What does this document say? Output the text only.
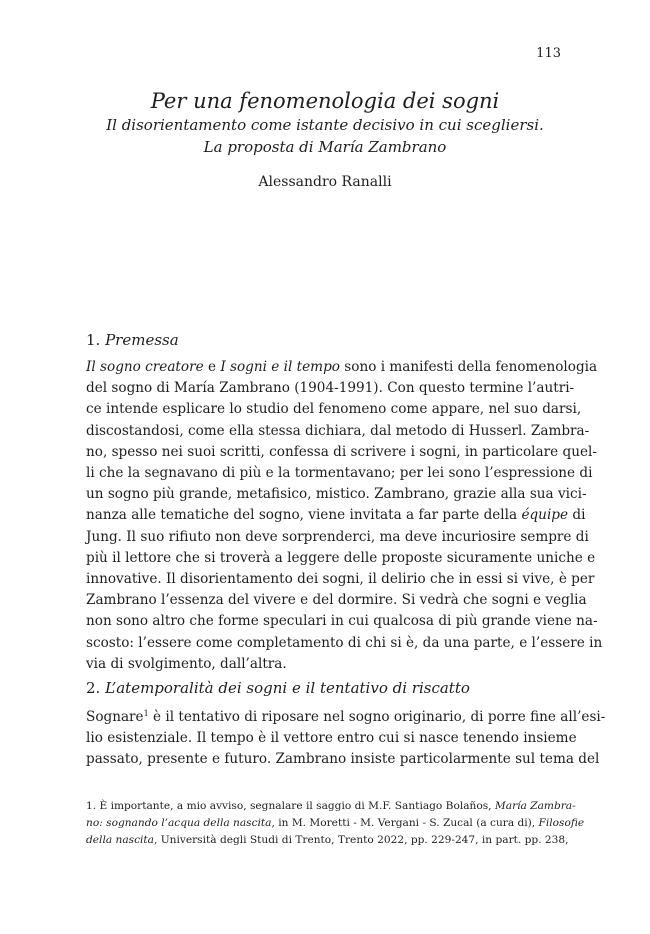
113
Per una fenomenologia dei sogni
Il disorientamento come istante decisivo in cui scegliersi.
La proposta di María Zambrano
Alessandro Ranalli
1. Premessa
Il sogno creatore e I sogni e il tempo sono i manifesti della fenomenologia
del sogno di María Zambrano (1904-1991). Con questo termine l’autri-
ce intende esplicare lo studio del fenomeno come appare, nel suo darsi,
discostandosi, come ella stessa dichiara, dal metodo di Husserl. Zambra-
no, spesso nei suoi scritti, confessa di scrivere i sogni, in particolare quel-
li che la segnavano di più e la tormentavano; per lei sono l’espressione di
un sogno più grande, metafisico, mistico. Zambrano, grazie alla sua vici-
nanza alle tematiche del sogno, viene invitata a far parte della équipe di
Jung. Il suo rifiuto non deve sorprenderci, ma deve incuriosire sempre di
più il lettore che si troverà a leggere delle proposte sicuramente uniche e
innovative. Il disorientamento dei sogni, il delirio che in essi si vive, è per
Zambrano l’essenza del vivere e del dormire. Si vedrà che sogni e veglia
non sono altro che forme speculari in cui qualcosa di più grande viene na-
scosto: l’essere come completamento di chi si è, da una parte, e l’essere in
via di svolgimento, dall’altra.
2. L’atemporalità dei sogni e il tentativo di riscatto
Sognare$^1$ è il tentativo di riposare nel sogno originario, di porre fine all’esi-
lio esistenziale. Il tempo è il vettore entro cui si nasce tenendo insieme
passato, presente e futuro. Zambrano insiste particolarmente sul tema del
1. È importante, a mio avviso, segnalare il saggio di M.F. Santiago Bolaños, María Zambra-
no: sognando l’acqua della nascita, in M. Moretti - M. Vergani - S. Zucal (a cura di), Filosofie
della nascita, Università degli Studi di Trento, Trento 2022, pp. 229-247, in part. pp. 238,
